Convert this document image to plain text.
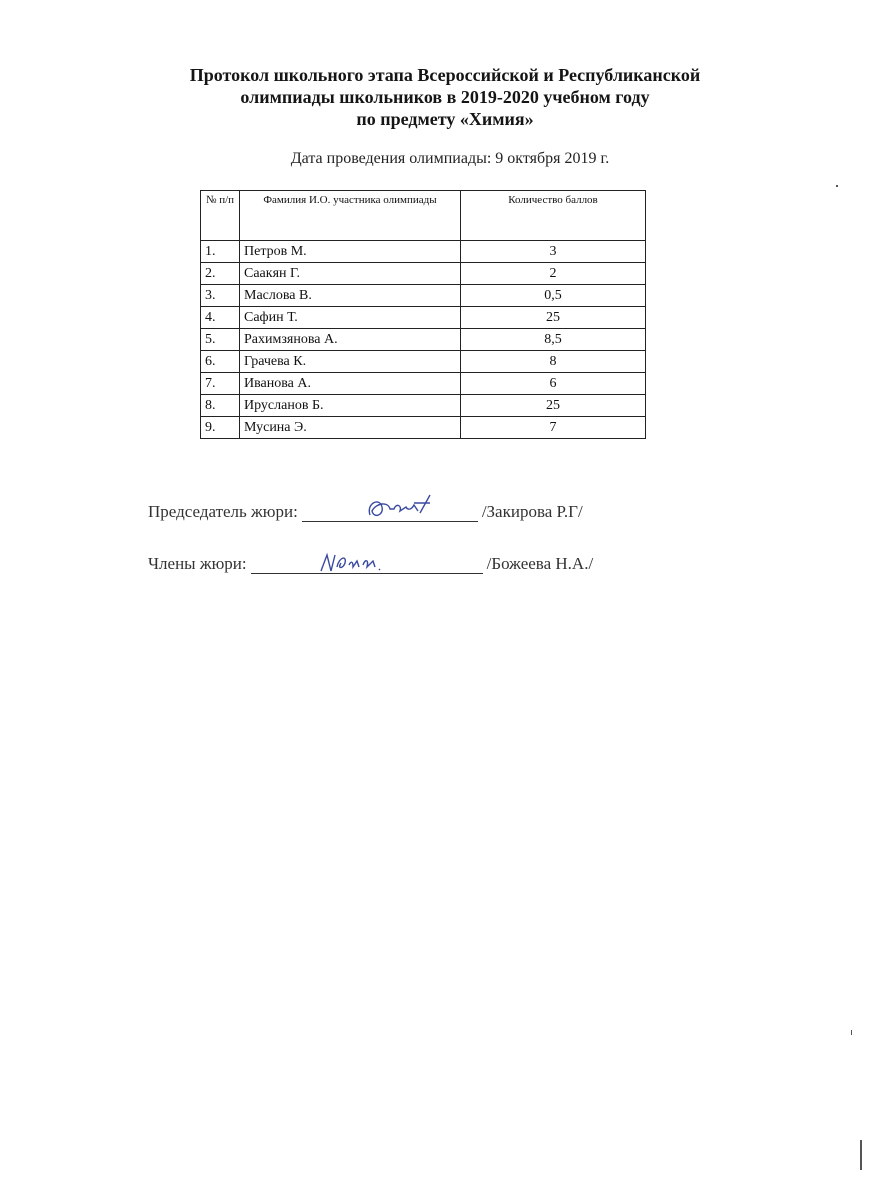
Протокол школьного этапа Всероссийской и Республиканской
олимпиады школьников в 2019-2020 учебном году
по предмету «Химия»
Дата проведения олимпиады: 9 октября 2019 г.
№ п/п	Фамилия И.О. участника олимпиады	Количество баллов
1.	Петров М.	3
2.	Саакян Г.	2
3.	Маслова В.	0,5
4.	Сафин Т.	25
5.	Рахимзянова А.	8,5
6.	Грачева К.	8
7.	Иванова А.	6
8.	Ируcланов Б.	25
9.	Мусина Э.	7
Председатель жюри:	/Закирова Р.Г/
Члены жюри:	/Божеева Н.А./
